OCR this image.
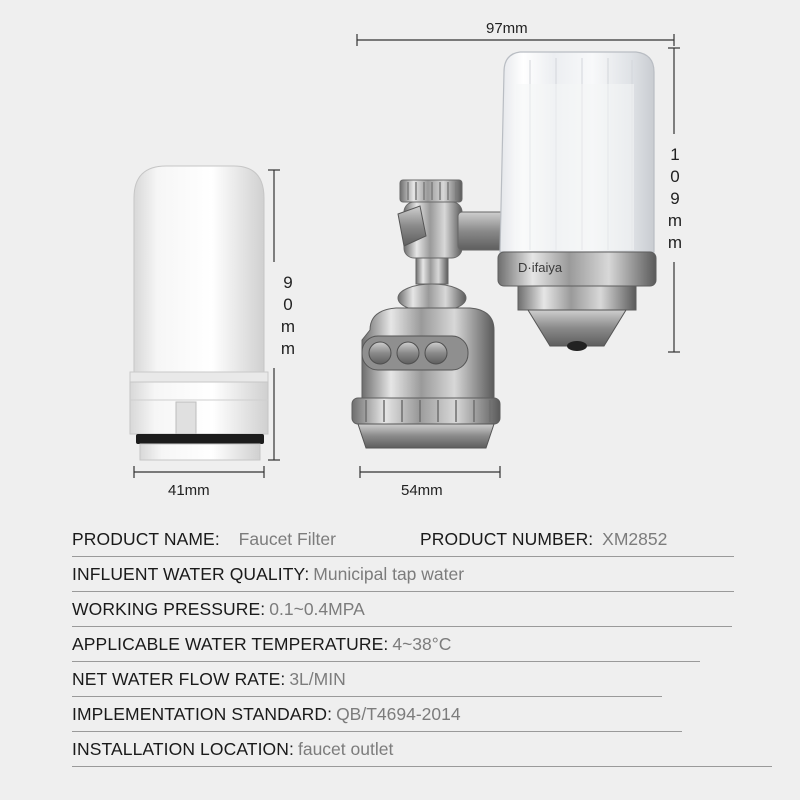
D·ifaiya
97mm
41mm	54mm
9
0
m
m
1
0
9
m
m
PRODUCT NAME: Faucet Filter	PRODUCT NUMBER: XM2852
INFLUENT WATER QUALITY: Municipal tap water
WORKING PRESSURE: 0.1~0.4MPA
APPLICABLE WATER TEMPERATURE: 4~38°C
NET WATER FLOW RATE: 3L/MIN
IMPLEMENTATION STANDARD: QB/T4694-2014
INSTALLATION LOCATION: faucet outlet
